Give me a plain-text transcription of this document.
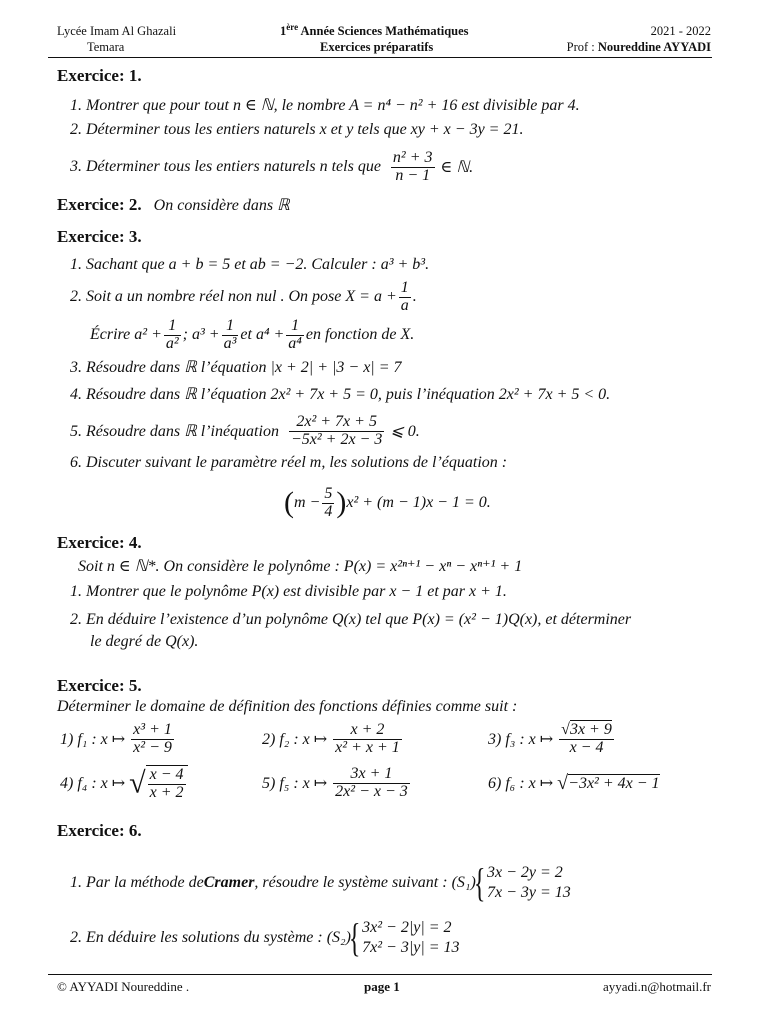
Lycée Imam Al Ghazali	1ère Année Sciences Mathématiques	2021 - 2022
Temara	Exercices préparatifs	Prof : Noureddine AYYADI
Exercice: 1.
1. Montrer que pour tout n ∈ ℕ, le nombre A = n⁴ − n² + 16 est divisible par 4.
2. Déterminer tous les entiers naturels x et y tels que xy + x − 3y = 21.
3. Déterminer tous les entiers naturels n tels que
$\frac{\text{n² + 3}}{n - 1}$
∈ ℕ.
Exercice: 2. On considère dans ℝ
Exercice: 3.
1. Sachant que a + b = 5 et ab = −2. Calculer : a³ + b³.
2. Soit a un nombre réel non nul . On pose $X = a + \frac{1}{a}$ .
Écrire $a^2 + \frac{1}{\text{a²}}$ ; $a^3 + \frac{1}{\text{a³}}$ et $a^4 + \frac{1}{\text{a⁴}}$ en fonction de X.
3. Résoudre dans ℝ l’équation |x + 2| + |3 − x| = 7
4. Résoudre dans ℝ l’équation 2x² + 7x + 5 = 0, puis l’inéquation 2x² + 7x + 5 < 0.
5. Résoudre dans ℝ l’inéquation
$\frac{\text{2x² + 7x + 5}}{\text{−5x² + 2x − 3}}$
⩽ 0.
6. Discuter suivant le paramètre réel m, les solutions de l’équation :
( $m - \frac{5}{4}$ ) x² + (m − 1)x − 1 = 0.
Exercice: 4.
Soit n ∈ ℕ*. On considère le polynôme : P(x) = x²ⁿ⁺¹ − xⁿ − xⁿ⁺¹ + 1
1. Montrer que le polynôme P(x) est divisible par x − 1 et par x + 1.
2. En déduire l’existence d’un polynôme Q(x) tel que P(x) = (x² − 1)Q(x), et déterminer
le degré de Q(x).
Exercice: 5.
Déterminer le domaine de définition des fonctions définies comme suit :
1) f₁ : x ↦
$\frac{\text{x³ + 1}}{\text{x² − 9}}$	2) f₂ : x ↦
$\frac{x + 2}{\text{x² + x + 1}}$	3) f₃ : x ↦
$\frac{√3x + 9}{x - 4}$
4) f₄ : x ↦
√ $\frac{x - 4}{x + 2}$	5) f₅ : x ↦
$\frac{3x + 1}{\text{2x² − x − 3}}$	6) f₆ : x ↦
√ −3x² + 4x − 1
Exercice: 6.
1. Par la méthode de Cramer , résoudre le système suivant : (S₁)
{ 3x − 2y = 2
7x − 3y = 13
2. En déduire les solutions du système : (S₂)
{ 3x² − 2|y| = 2
7x² − 3|y| = 13
© AYYADI Noureddine .	page 1	ayyadi.n@hotmail.fr
